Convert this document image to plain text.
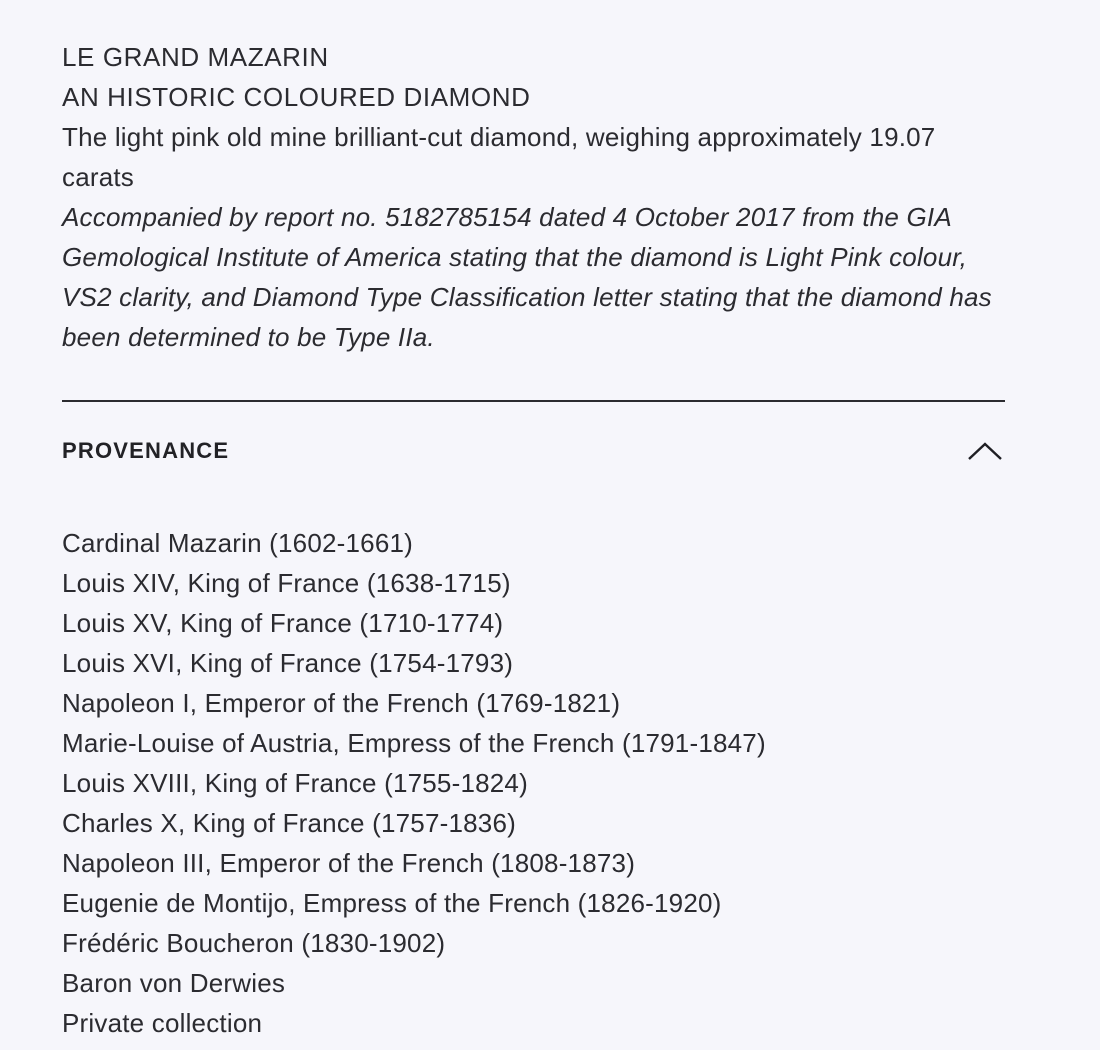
LE GRAND MAZARIN
AN HISTORIC COLOURED DIAMOND
The light pink old mine brilliant-cut diamond, weighing approximately 19.07 carats
Accompanied by report no. 5182785154 dated 4 October 2017 from the GIA Gemological Institute of America stating that the diamond is Light Pink colour, VS2 clarity, and Diamond Type Classification letter stating that the diamond has been determined to be Type IIa.
PROVENANCE
Cardinal Mazarin (1602-1661)
Louis XIV, King of France (1638-1715)
Louis XV, King of France (1710-1774)
Louis XVI, King of France (1754-1793)
Napoleon I, Emperor of the French (1769-1821)
Marie-Louise of Austria, Empress of the French (1791-1847)
Louis XVIII, King of France (1755-1824)
Charles X, King of France (1757-1836)
Napoleon III, Emperor of the French (1808-1873)
Eugenie de Montijo, Empress of the French (1826-1920)
Frédéric Boucheron (1830-1902)
Baron von Derwies
Private collection
